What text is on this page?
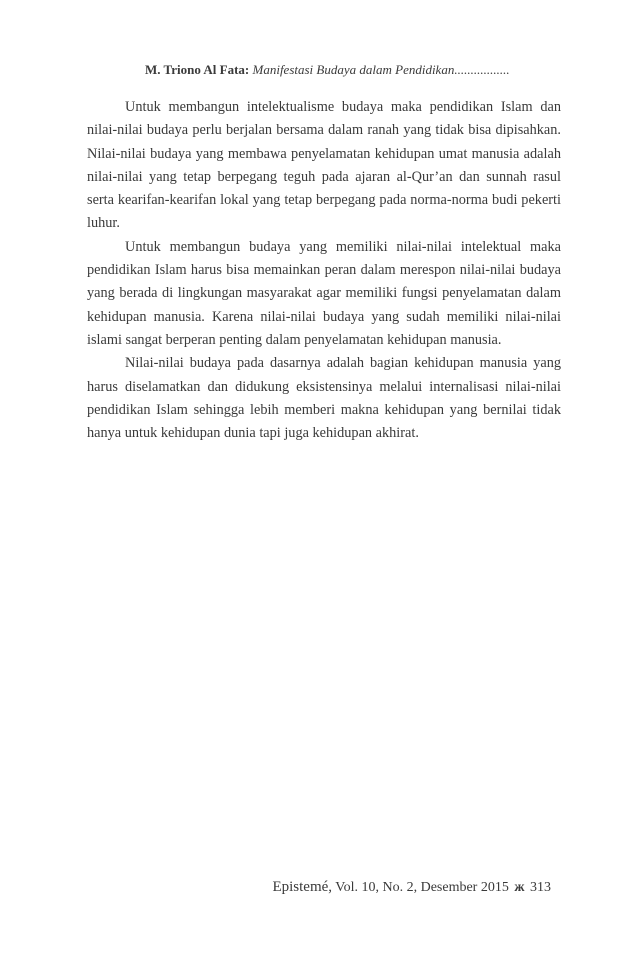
M. Triono Al Fata: Manifestasi Budaya dalam Pendidikan.................

Untuk membangun intelektualisme budaya maka pendidikan Islam dan nilai-nilai budaya perlu berjalan bersama dalam ranah yang tidak bisa dipisahkan. Nilai-nilai budaya yang membawa penyelamatan kehidupan umat manusia adalah nilai-nilai yang tetap berpegang teguh pada ajaran al-Qur’an dan sunnah rasul serta kearifan-kearifan lokal yang tetap berpegang pada norma-norma budi pekerti luhur.

Untuk membangun budaya yang memiliki nilai-nilai intelektual maka pendidikan Islam harus bisa memainkan peran dalam merespon nilai-nilai budaya yang berada di lingkungan masyarakat agar memiliki fungsi penyelamatan dalam kehidupan manusia. Karena nilai-nilai budaya yang sudah memiliki nilai-nilai islami sangat berperan penting dalam penyelamatan kehidupan manusia.

Nilai-nilai budaya pada dasarnya adalah bagian kehidupan manusia yang harus diselamatkan dan didukung eksistensinya melalui internalisasi nilai-nilai pendidikan Islam sehingga lebih memberi makna kehidupan yang bernilai tidak hanya untuk kehidupan dunia tapi juga kehidupan akhirat.

Epistemé, Vol. 10, No. 2, Desember 2015 ж 313
